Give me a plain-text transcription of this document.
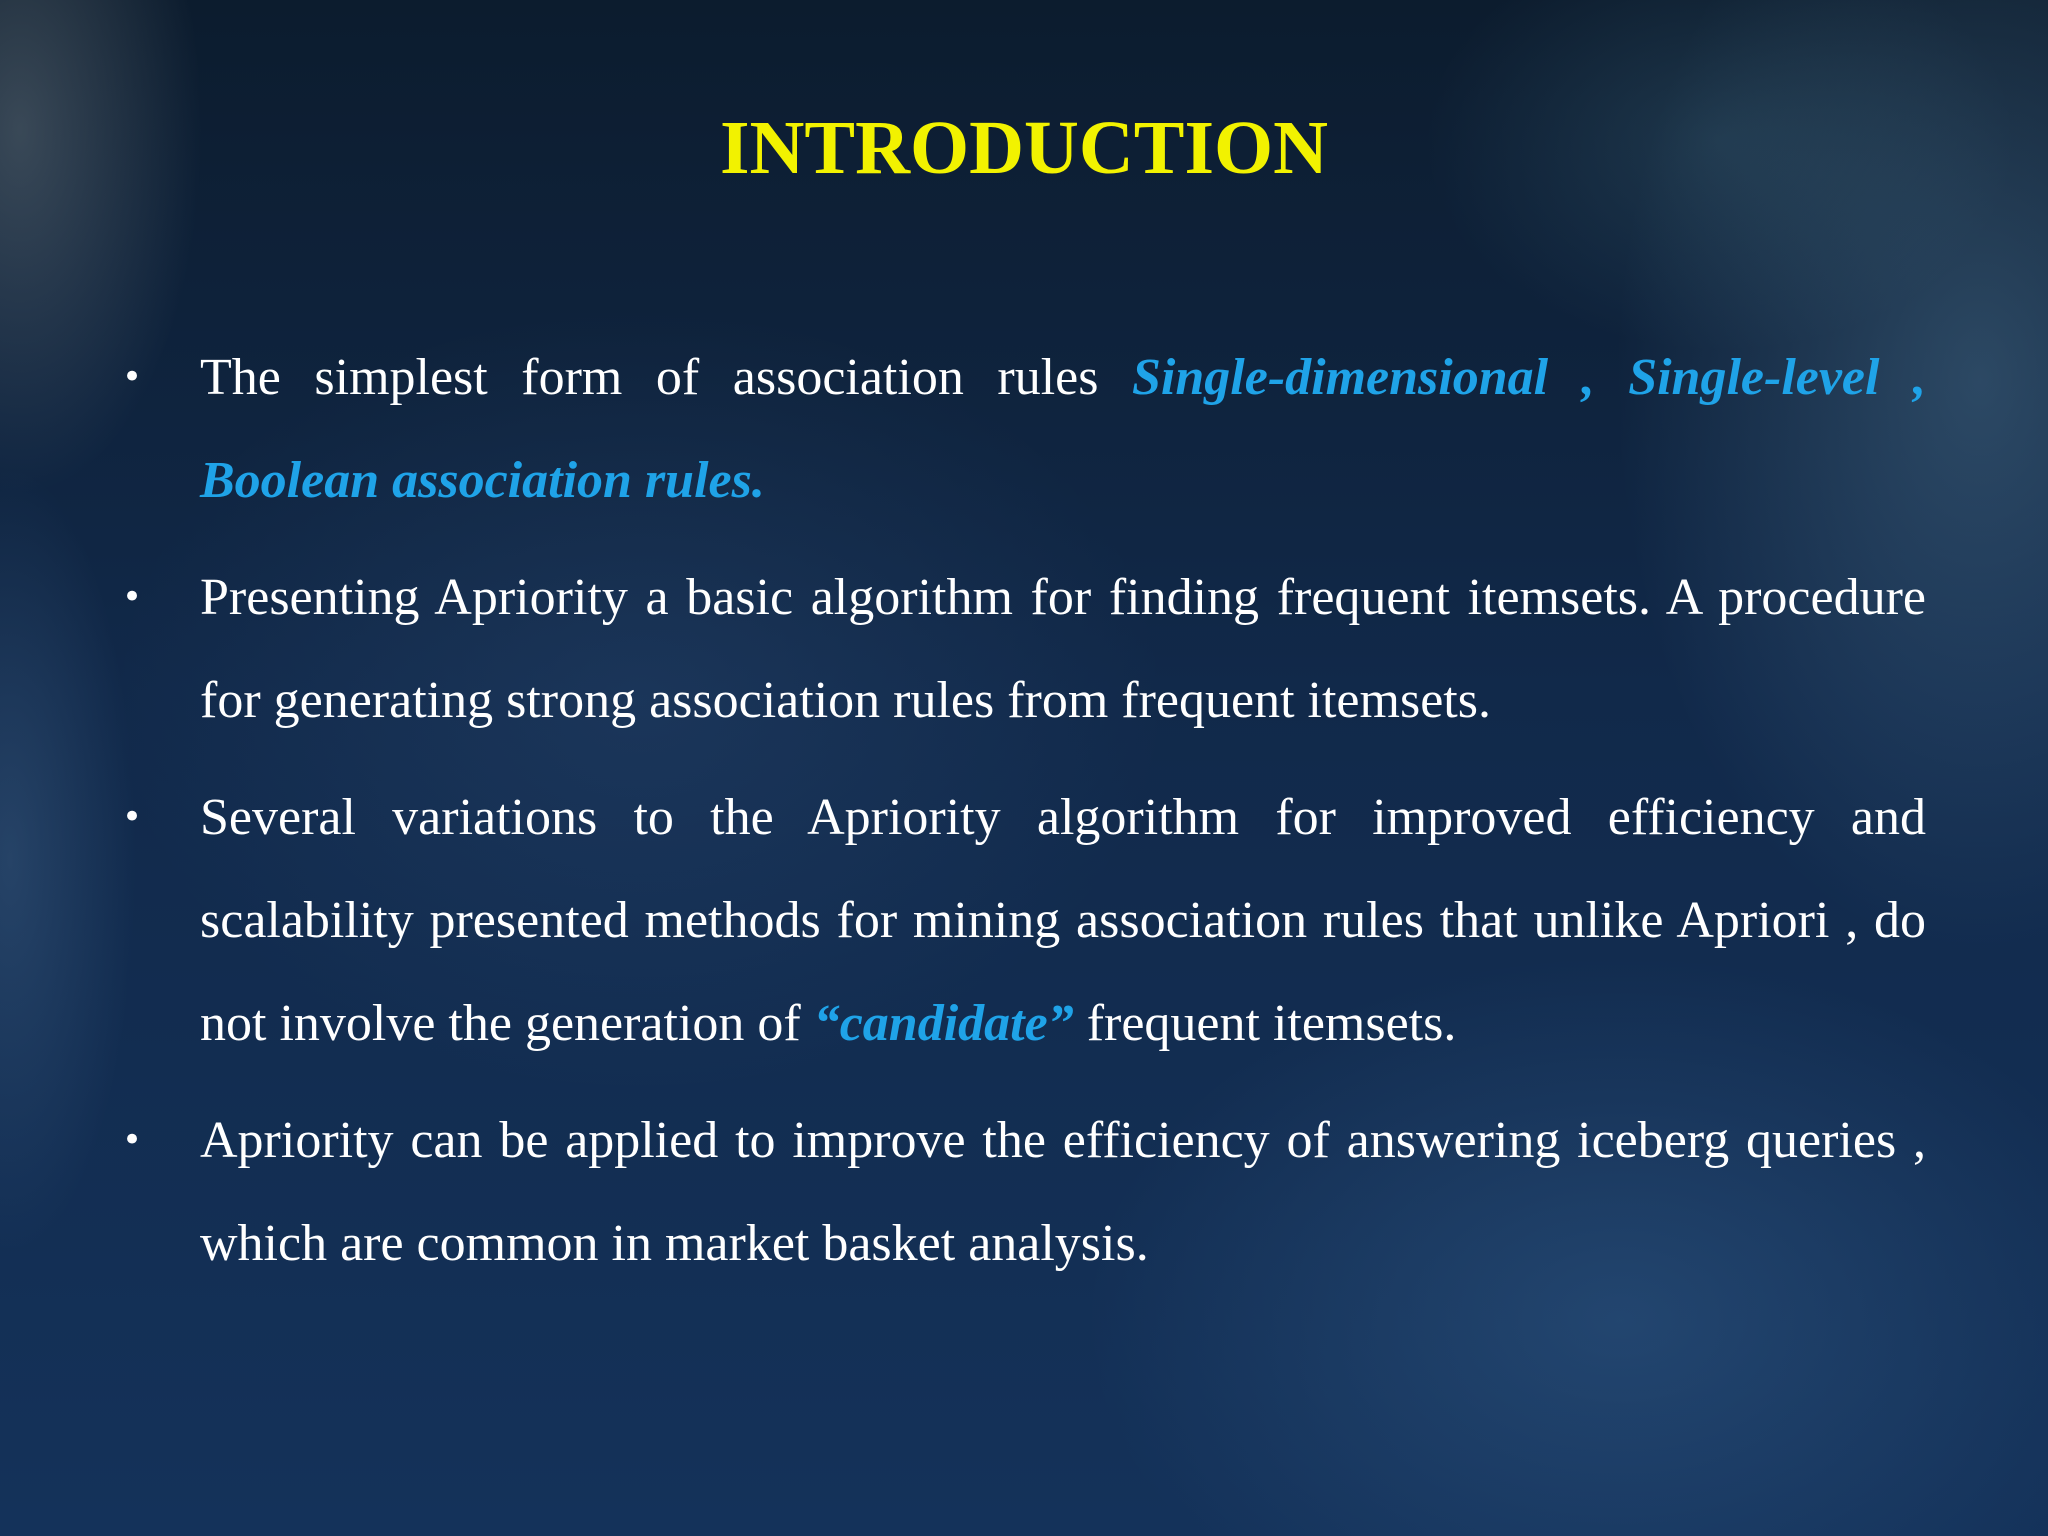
INTRODUCTION
• The simplest form of association rules Single-dimensional , Single-level , Boolean association rules.
• Presenting Apriority a basic algorithm for finding frequent itemsets. A procedure for generating strong association rules from frequent itemsets.
• Several variations to the Apriority algorithm for improved efficiency and scalability presented methods for mining association rules that unlike Apriori , do not involve the generation of “candidate” frequent itemsets.
• Apriority can be applied to improve the efficiency of answering iceberg queries , which are common in market basket analysis.
